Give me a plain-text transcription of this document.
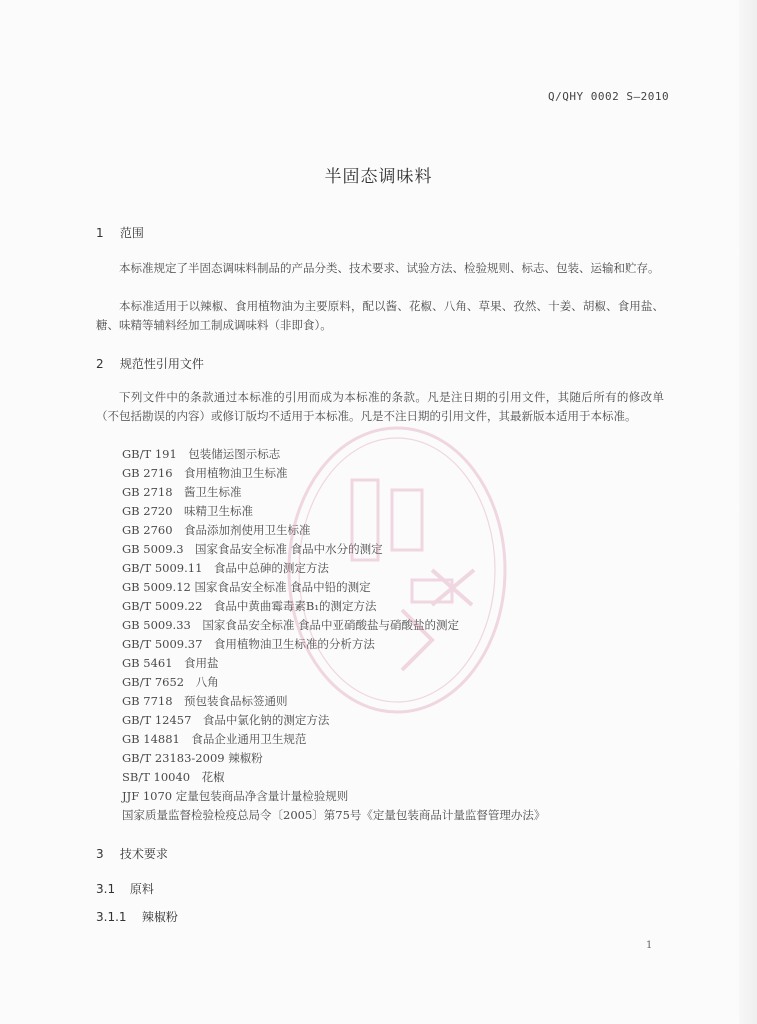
Q/QHY 0002 S—2010
半固态调味料
1 范围
本标准规定了半固态调味料制品的产品分类、技术要求、试验方法、检验规则、标志、包装、运输和贮存。
本标准适用于以辣椒、食用植物油为主要原料，配以酱、花椒、八角、草果、孜然、十姜、胡椒、食用盐、糖、味精等辅料经加工制成调味料（非即食）。
2 规范性引用文件
下列文件中的条款通过本标准的引用而成为本标准的条款。凡是注日期的引用文件，其随后所有的修改单（不包括勘误的内容）或修订版均不适用于本标准。凡是不注日期的引用文件，其最新版本适用于本标准。
GB/T 191　包装储运图示标志
GB 2716　食用植物油卫生标准
GB 2718　酱卫生标准
GB 2720　味精卫生标准
GB 2760　食品添加剂使用卫生标准
GB 5009.3　国家食品安全标准 食品中水分的测定
GB/T 5009.11　食品中总砷的测定方法
GB 5009.12 国家食品安全标准 食品中铅的测定
GB/T 5009.22　食品中黄曲霉毒素B₁的测定方法
GB 5009.33　国家食品安全标准 食品中亚硝酸盐与硝酸盐的测定
GB/T 5009.37　食用植物油卫生标准的分析方法
GB 5461　食用盐
GB/T 7652　八角
GB 7718　预包装食品标签通则
GB/T 12457　食品中氯化钠的测定方法
GB 14881　食品企业通用卫生规范
GB/T 23183-2009 辣椒粉
SB/T 10040　花椒
JJF 1070 定量包装商品净含量计量检验规则
国家质量监督检验检疫总局令〔2005〕第75号《定量包装商品计量监督管理办法》
3 技术要求
3.1 原料
3.1.1 辣椒粉
1
